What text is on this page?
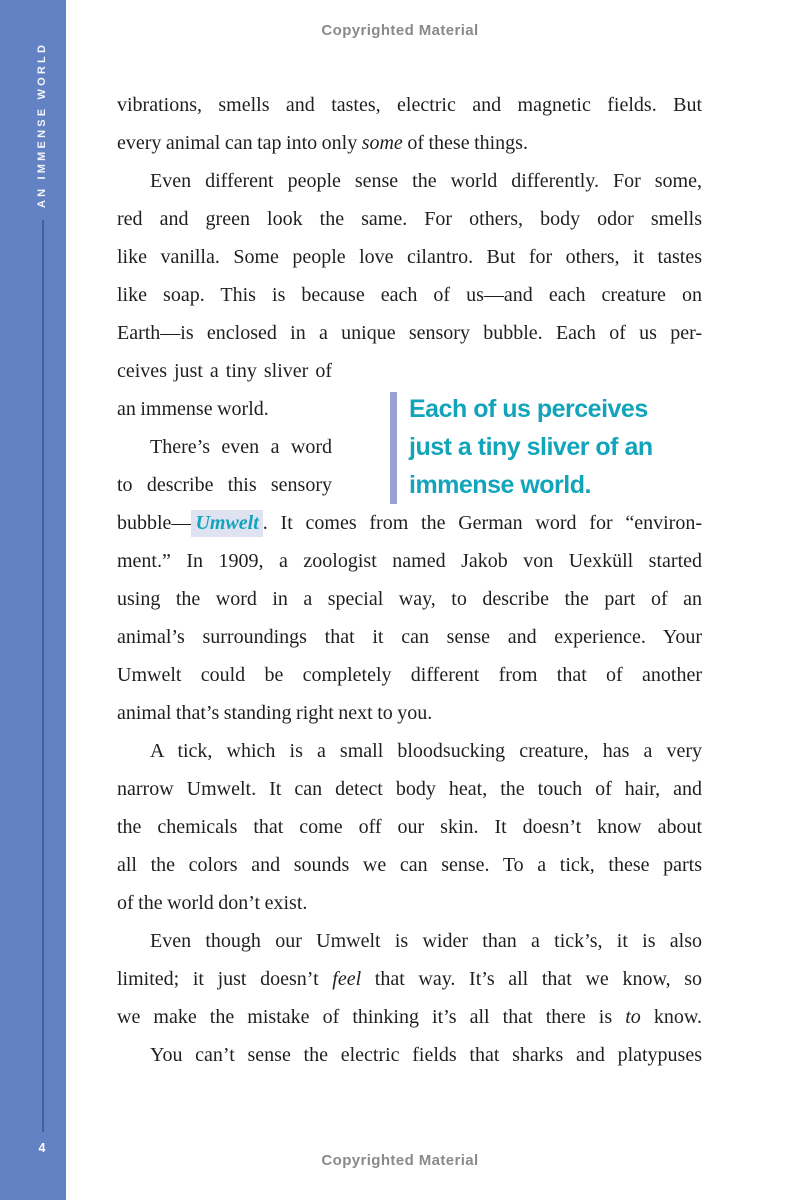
AN IMMENSE WORLD
4
Copyrighted Material
vibrations, smells and tastes, electric and magnetic fields. But
every animal can tap into only some of these things.
Even different people sense the world differently. For some,
red and green look the same. For others, body odor smells
like vanilla. Some people love cilantro. But for others, it tastes
like soap. This is because each of us—and each creature on
Earth—is enclosed in a unique sensory bubble. Each of us per-
ceives just a tiny sliver of
an immense world.
There’s even a word
to describe this sensory
bubble— Umwelt . It comes from the German word for “environ-
ment.” In 1909, a zoologist named Jakob von Uexküll started
using the word in a special way, to describe the part of an
animal’s surroundings that it can sense and experience. Your
Umwelt could be completely different from that of another
animal that’s standing right next to you.
A tick, which is a small bloodsucking creature, has a very
narrow Umwelt. It can detect body heat, the touch of hair, and
the chemicals that come off our skin. It doesn’t know about
all the colors and sounds we can sense. To a tick, these parts
of the world don’t exist.
Even though our Umwelt is wider than a tick’s, it is also
limited; it just doesn’t feel that way. It’s all that we know, so
we make the mistake of thinking it’s all that there is to know.
You can’t sense the electric fields that sharks and platypuses
Each of us perceives
just a tiny sliver of an
immense world.
Copyrighted Material
